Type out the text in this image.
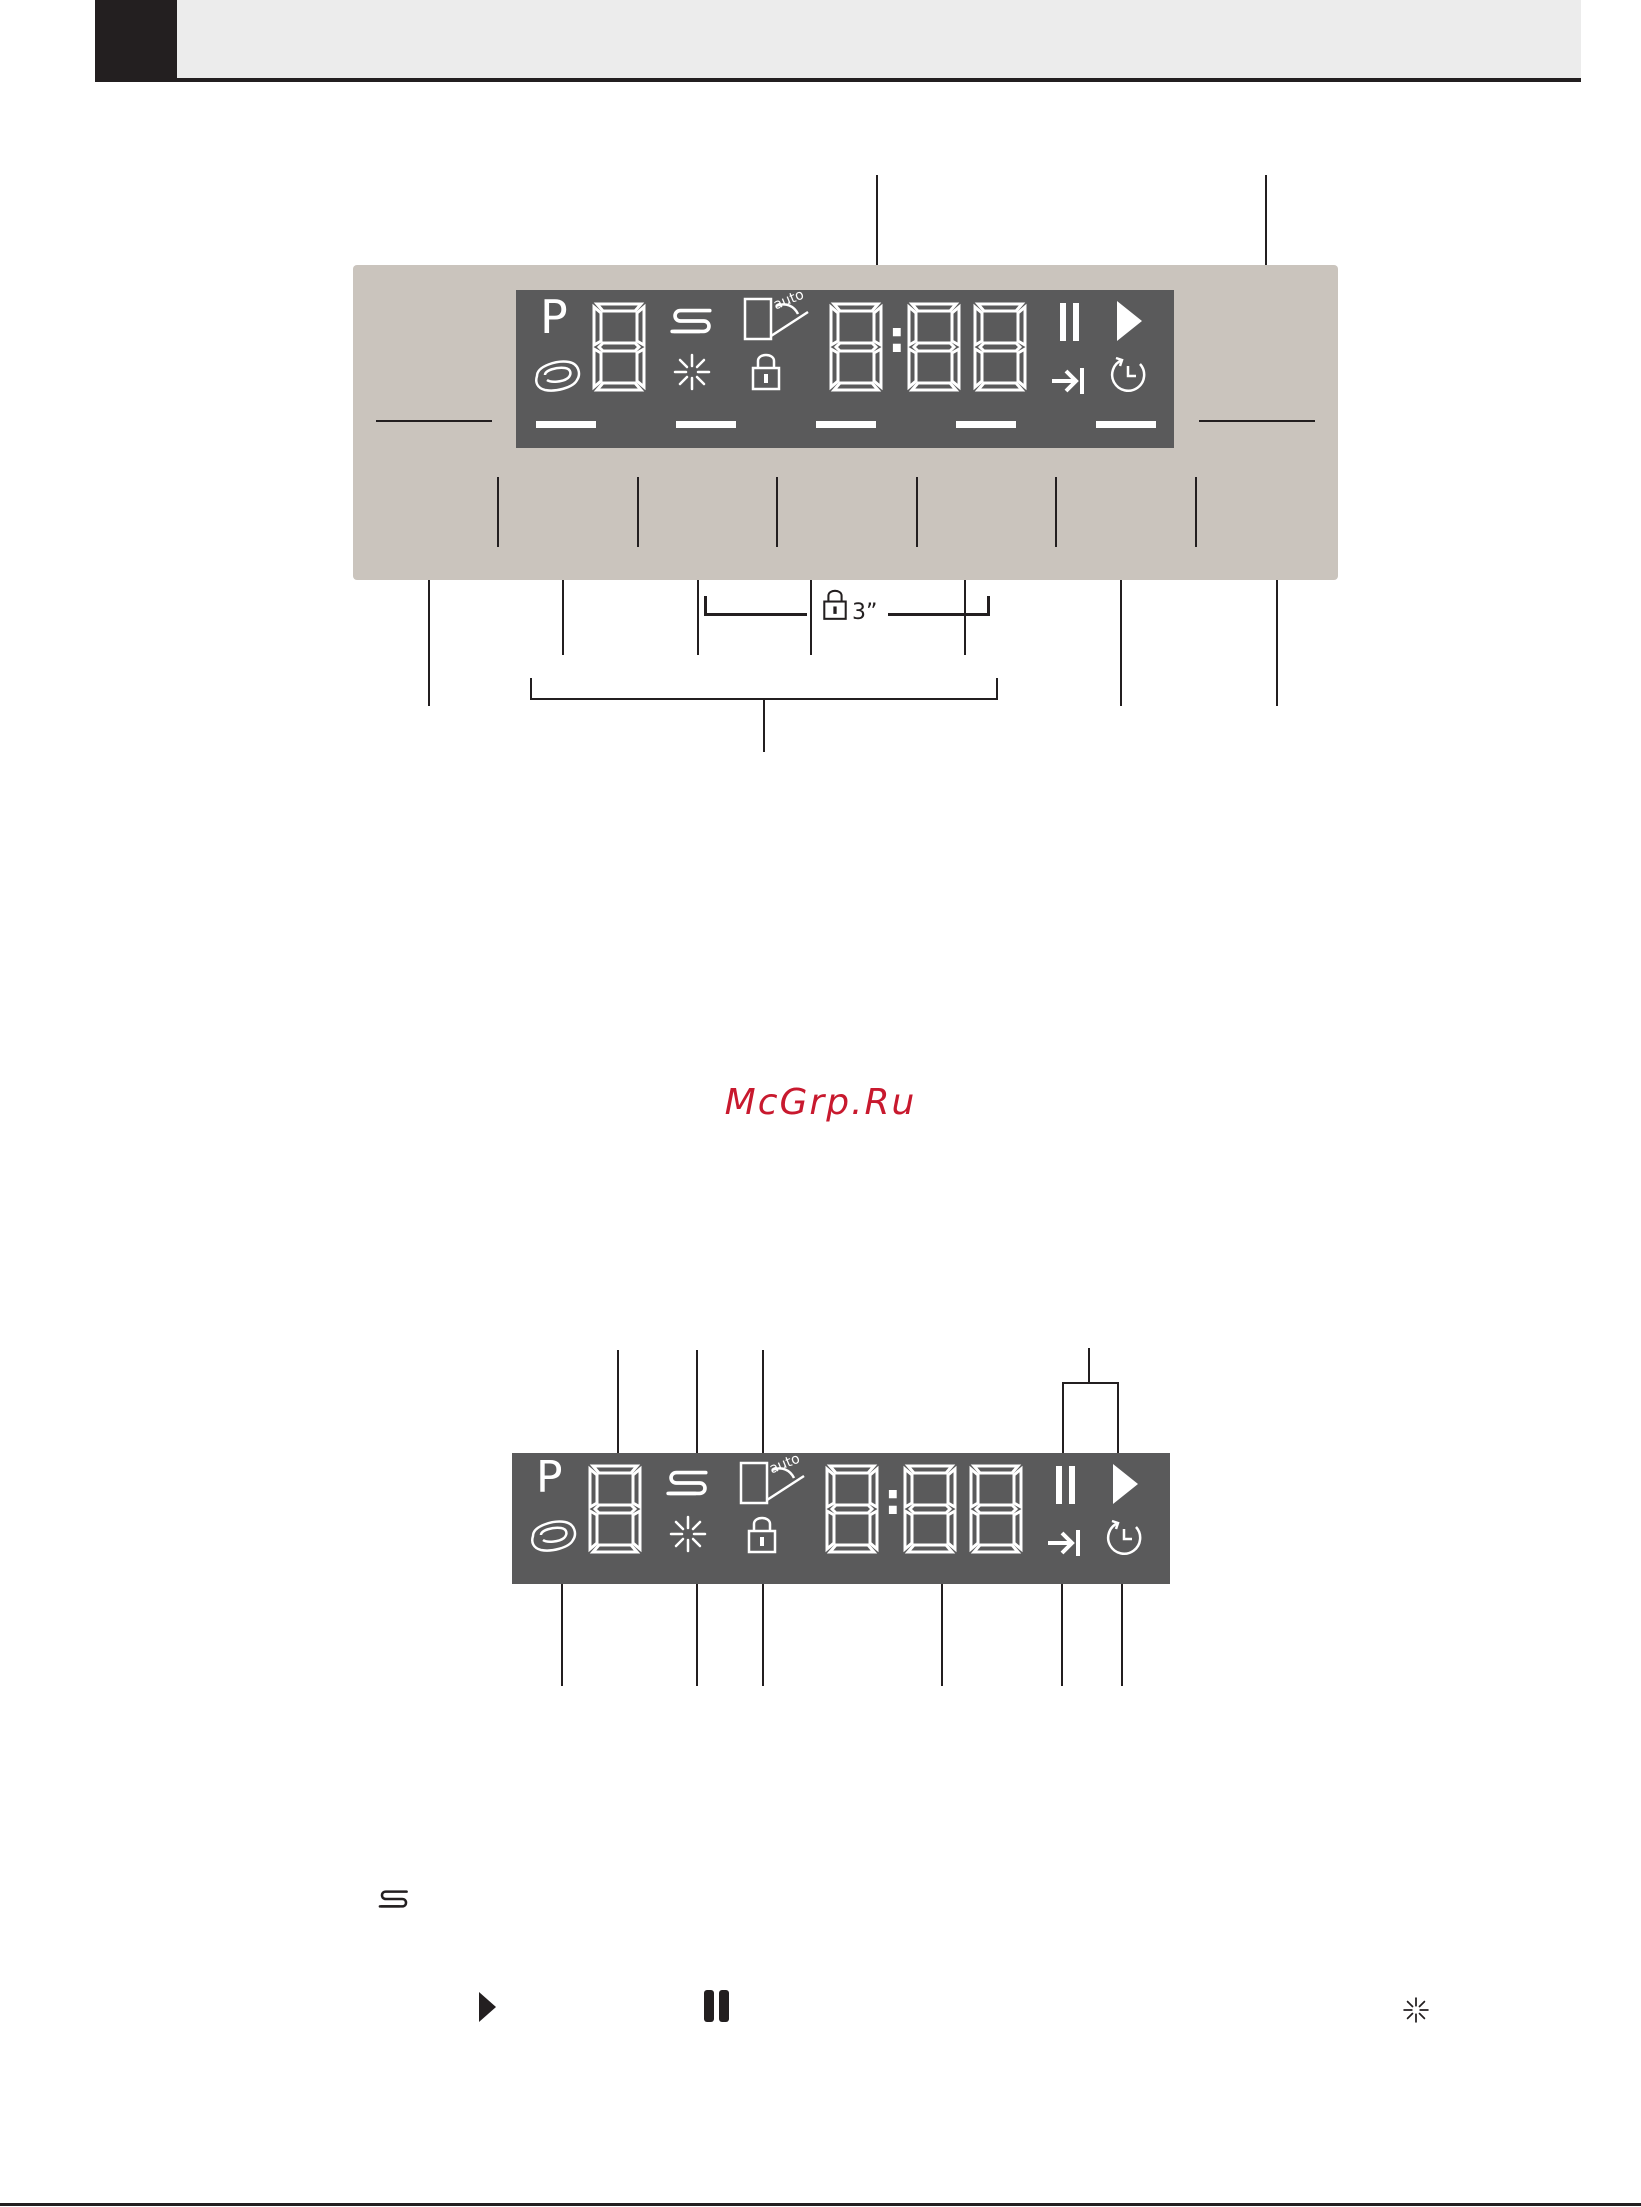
P	auto
:
3”
McGrp.Ru
P	auto
:
